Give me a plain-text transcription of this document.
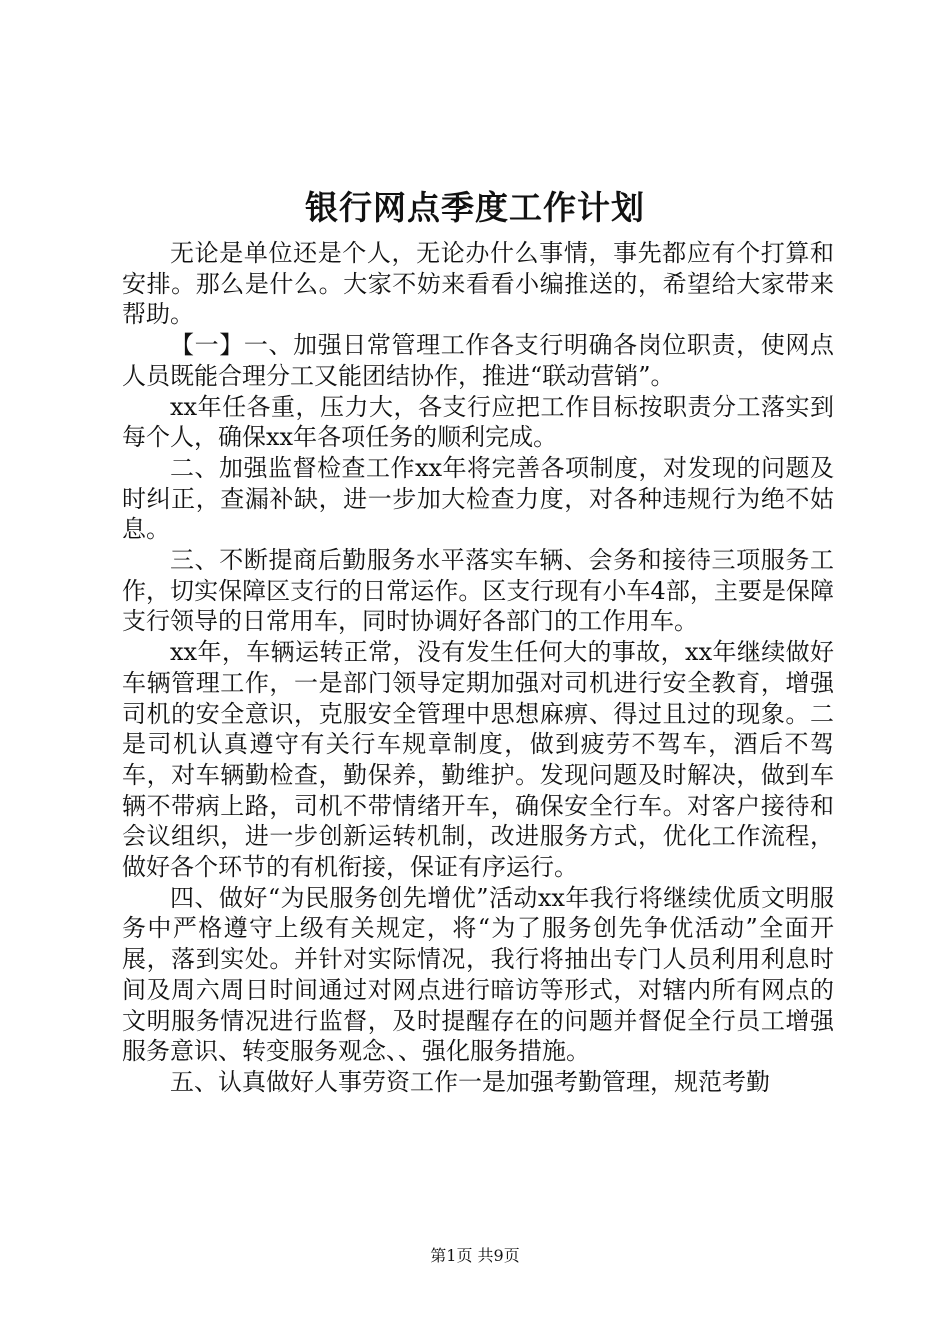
银行网点季度工作计划

无论是单位还是个人，无论办什么事情，事先都应有个打算和安排。那么是什么。大家不妨来看看小编推送的，希望给大家带来帮助。

【一】一、加强日常管理工作各支行明确各岗位职责，使网点人员既能合理分工又能团结协作，推进“联动营销”。

xx年任各重，压力大，各支行应把工作目标按职责分工落实到每个人，确保xx年各项任务的顺利完成。

二、加强监督检查工作xx年将完善各项制度，对发现的问题及时纠正，查漏补缺，进一步加大检查力度，对各种违规行为绝不姑息。

三、不断提商后勤服务水平落实车辆、会务和接待三项服务工作，切实保障区支行的日常运作。区支行现有小车4部，主要是保障支行领导的日常用车，同时协调好各部门的工作用车。

xx年，车辆运转正常，没有发生任何大的事故，xx年继续做好车辆管理工作，一是部门领导定期加强对司机进行安全教育，增强司机的安全意识，克服安全管理中思想麻痹、得过且过的现象。二是司机认真遵守有关行车规章制度，做到疲劳不驾车，酒后不驾车，对车辆勤检查，勤保养，勤维护。发现问题及时解决，做到车辆不带病上路，司机不带情绪开车，确保安全行车。对客户接待和会议组织，进一步创新运转机制，改进服务方式，优化工作流程，做好各个环节的有机衔接，保证有序运行。

四、做好“为民服务创先增优”活动xx年我行将继续优质文明服务中严格遵守上级有关规定，将“为了服务创先争优活动”全面开展，落到实处。并针对实际情况，我行将抽出专门人员利用利息时间及周六周日时间通过对网点进行暗访等形式，对辖内所有网点的文明服务情况进行监督，及时提醒存在的问题并督促全行员工增强服务意识、转变服务观念、、强化服务措施。

五、认真做好人事劳资工作一是加强考勤管理，规范考勤

第1页 共9页
